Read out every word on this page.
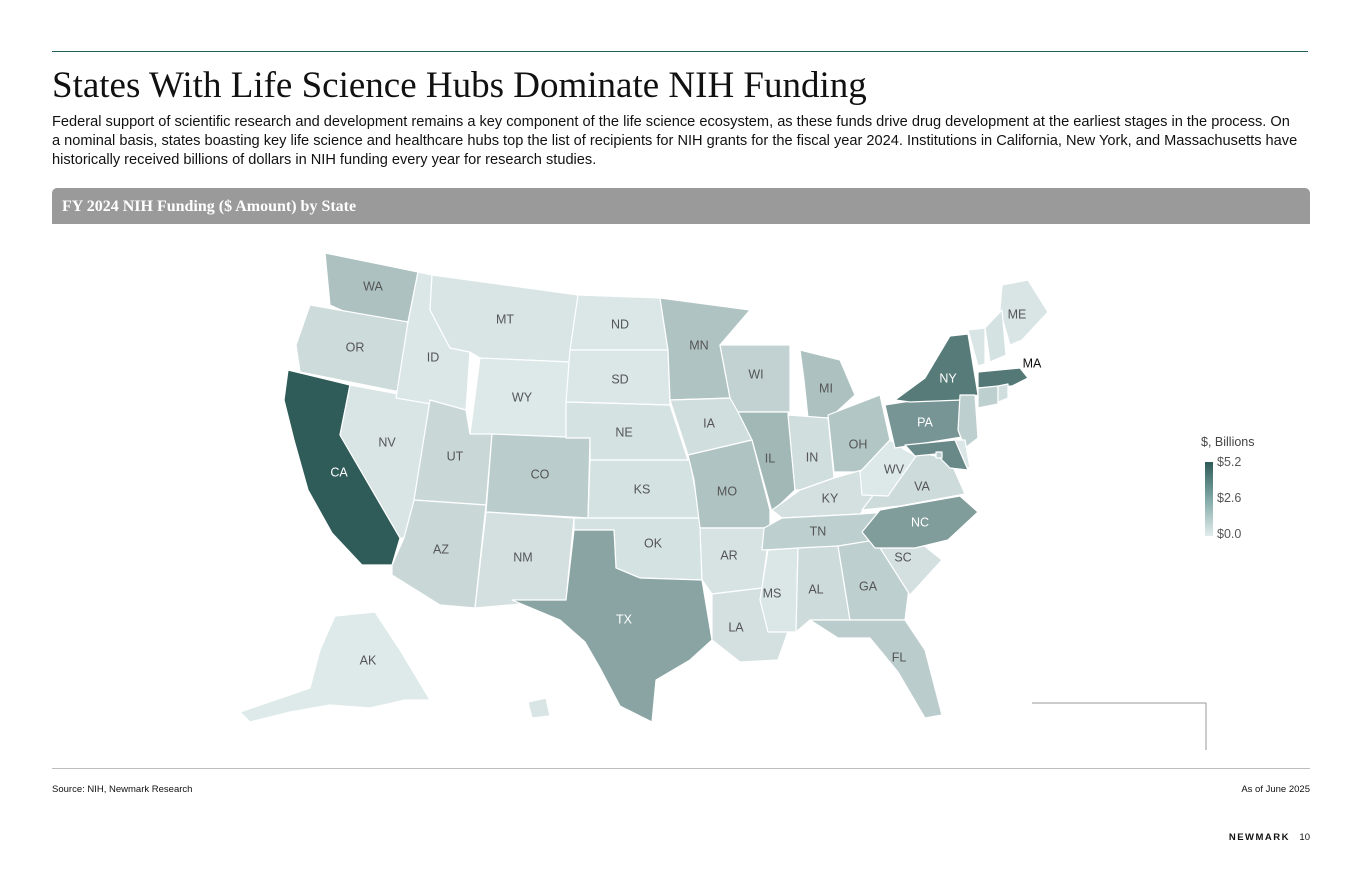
States With Life Science Hubs Dominate NIH Funding

Federal support of scientific research and development remains a key component of the life science ecosystem, as these funds drive drug development at the earliest stages in the process. On a nominal basis, states boasting key life science and healthcare hubs top the list of recipients for NIH grants for the fiscal year 2024. Institutions in California, New York, and Massachusetts have historically received billions of dollars in NIH funding every year for research studies.

FY 2024 NIH Funding ($ Amount) by State
WA
OR
CA
NV
ID
MT
WY
UT
AZ
CO
NM
ND
SD
NE
KS
OK
TX
MN
IA
MO
AR
LA
WI
IL
MI
IN
OH
KY
TN
MS AL	GA
FL
SC
NC
VA
WV
PA
NY
ME
MA
AK
$, Billions
$5.2
$2.6
$0.0
Source: NIH, Newmark Research	As of June 2025
NEWMARK 10
